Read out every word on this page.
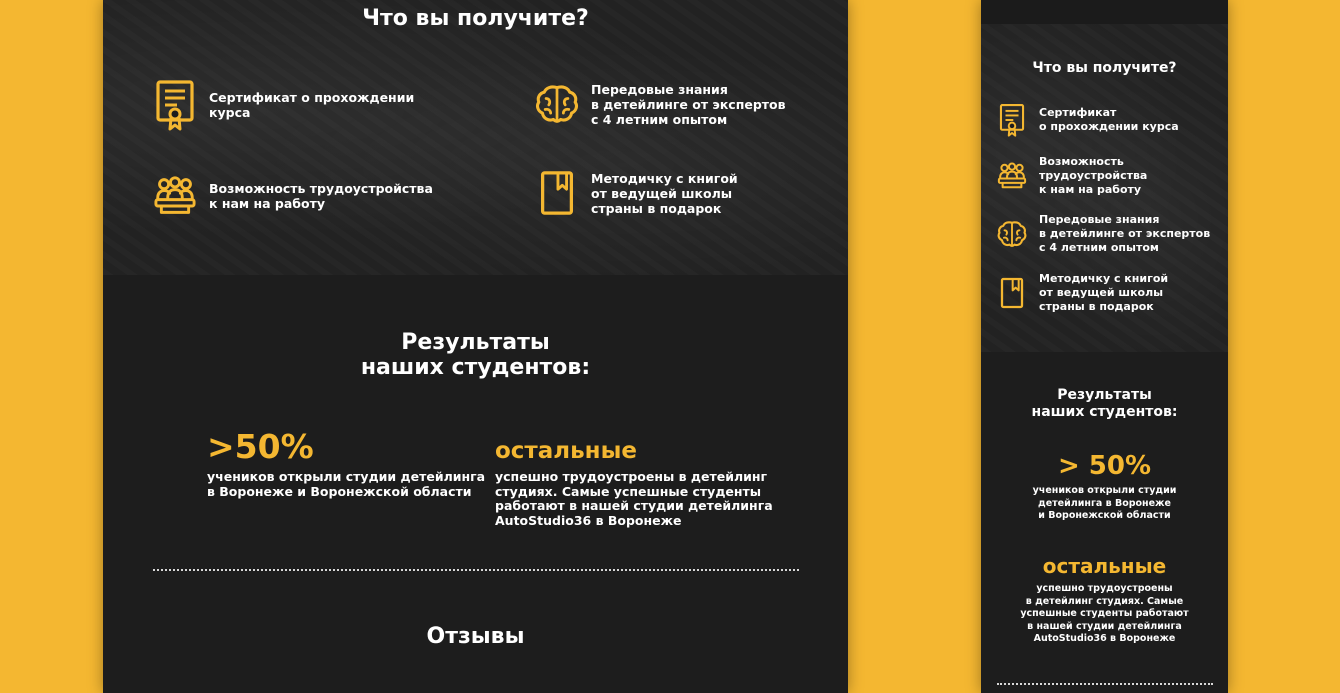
Что вы получите?
Сертификат о прохождении
курса
Передовые знания
в детейлинге от экспертов
с 4 летним опытом
Возможность трудоустройства
к нам на работу
Методичку с книгой
от ведущей школы
страны в подарок
Результаты
наших студентов:
>50%
учеников открыли студии детейлинга
в Воронеже и Воронежской области
остальные
успешно трудоустроены в детейлинг
студиях. Самые успешные студенты
работают в нашей студии детейлинга
AutoStudio36 в Воронеже
Отзывы
Что вы получите?
Сертификат
о прохождении курса
Возможность
трудоустройства
к нам на работу
Передовые знания
в детейлинге от экспертов
с 4 летним опытом
Методичку с книгой
от ведущей школы
страны в подарок
Результаты
наших студентов:
> 50%
учеников открыли студии
детейлинга в Воронеже
и Воронежской области
остальные
успешно трудоустроены
в детейлинг студиях. Самые
успешные студенты работают
в нашей студии детейлинга
AutoStudio36 в Воронеже
